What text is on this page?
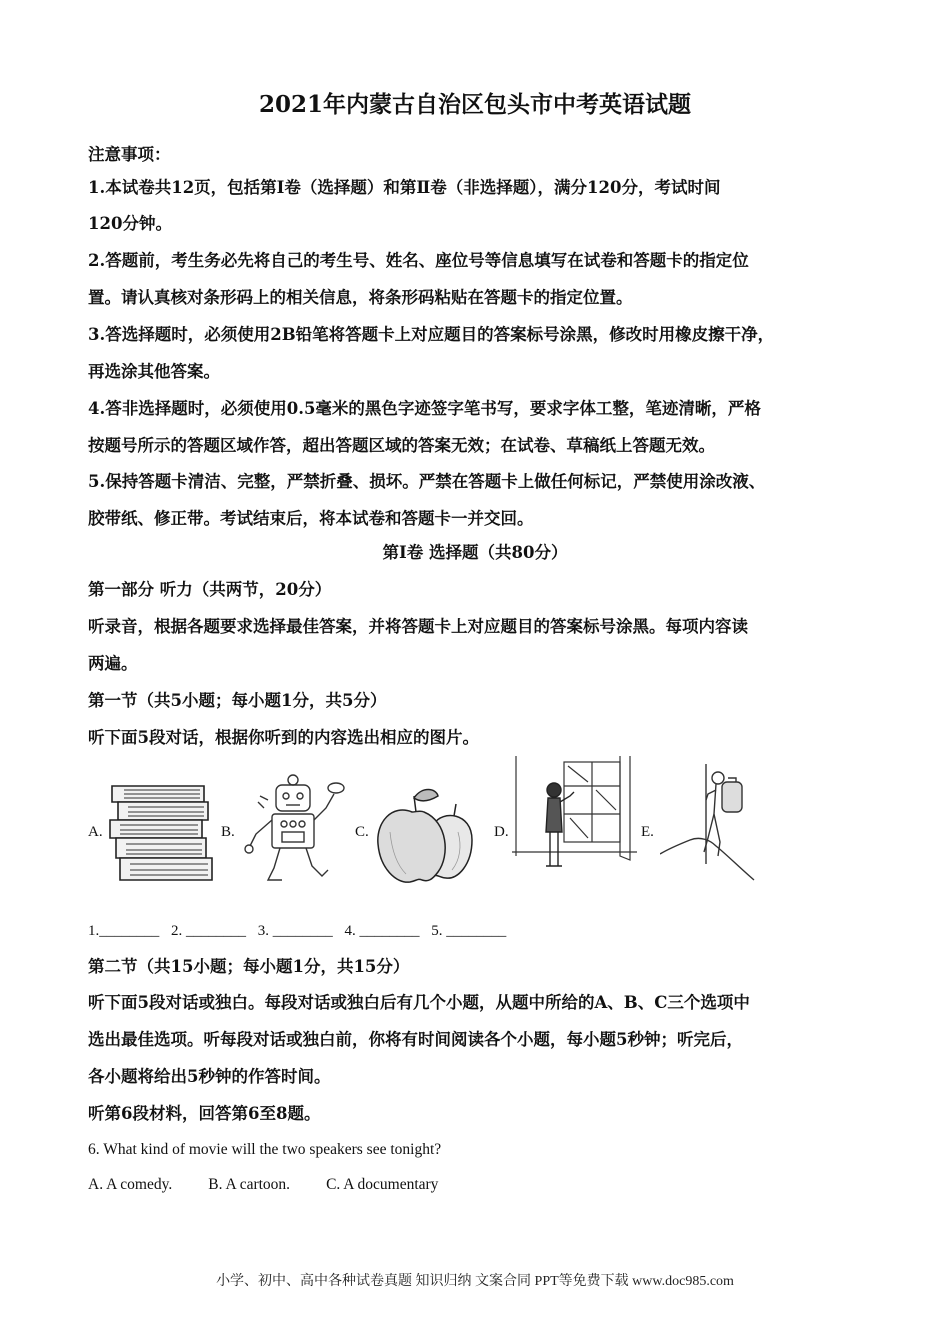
2021年内蒙古自治区包头市中考英语试题
注意事项：
1.本试卷共12页，包括第Ⅰ卷（选择题）和第Ⅱ卷（非选择题），满分120分，考试时间
120分钟。
2.答题前，考生务必先将自己的考生号、姓名、座位号等信息填写在试卷和答题卡的指定位
置。请认真核对条形码上的相关信息，将条形码粘贴在答题卡的指定位置。
3.答选择题时，必须使用2B铅笔将答题卡上对应题目的答案标号涂黑，修改时用橡皮擦干净，
再选涂其他答案。
4.答非选择题时，必须使用0.5毫米的黑色字迹签字笔书写，要求字体工整，笔迹清晰，严格
按题号所示的答题区域作答，超出答题区域的答案无效；在试卷、草稿纸上答题无效。
5.保持答题卡清洁、完整，严禁折叠、损坏。严禁在答题卡上做任何标记，严禁使用涂改液、
胶带纸、修正带。考试结束后，将本试卷和答题卡一并交回。
第Ⅰ卷 选择题（共80分）
第一部分 听力（共两节，20分）
听录音，根据各题要求选择最佳答案，并将答题卡上对应题目的答案标号涂黑。每项内容读
两遍。
第一节（共5小题；每小题1分，共5分）
听下面5段对话，根据你听到的内容选出相应的图片。
A.	B.	C.	D.	E.
1.________ 2. ________ 3. ________ 4. ________ 5. ________
第二节（共15小题；每小题1分，共15分）
听下面5段对话或独白。每段对话或独白后有几个小题，从题中所给的A、B、C三个选项中
选出最佳选项。听每段对话或独白前，你将有时间阅读各个小题，每小题5秒钟；听完后，
各小题将给出5秒钟的作答时间。
听第6段材料，回答第6至8题。
6. What kind of movie will the two speakers see tonight?
A. A comedy. B. A cartoon. C. A documentary
小学、初中、高中各种试卷真题 知识归纳 文案合同 PPT等免费下载 www.doc985.com
